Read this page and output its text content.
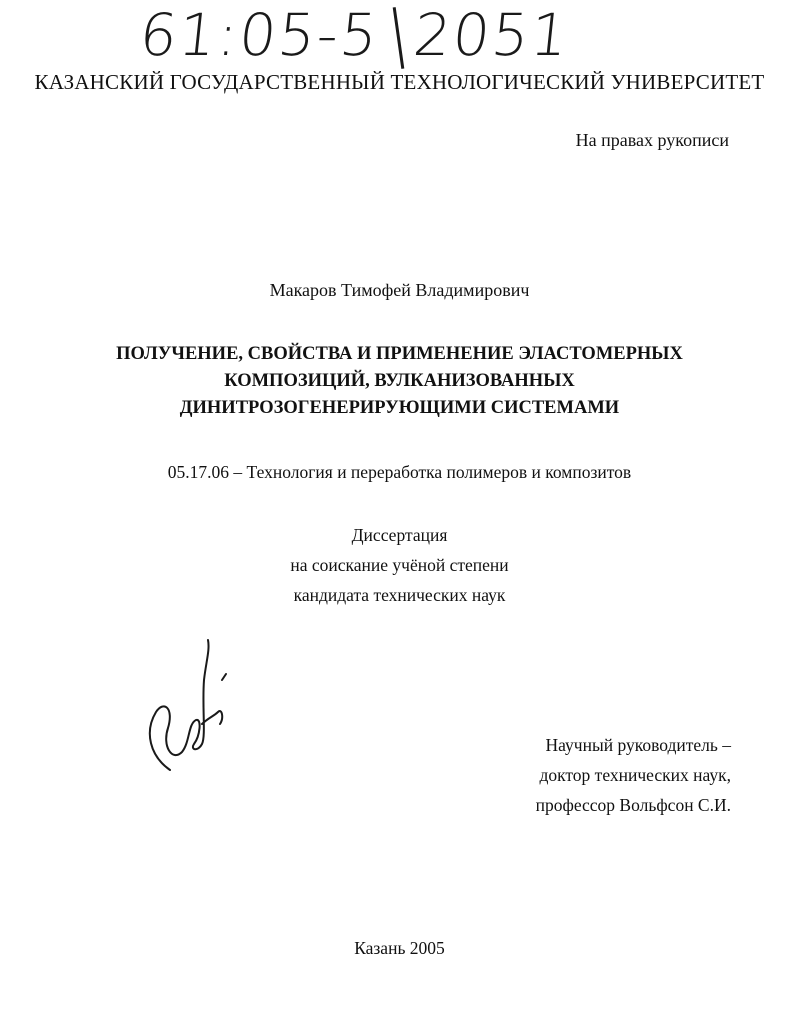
61:05-5 2051
КАЗАНСКИЙ ГОСУДАРСТВЕННЫЙ ТЕХНОЛОГИЧЕСКИЙ УНИВЕРСИТЕТ
На правах рукописи
Макаров Тимофей Владимирович
ПОЛУЧЕНИЕ, СВОЙСТВА И ПРИМЕНЕНИЕ ЭЛАСТОМЕРНЫХ
КОМПОЗИЦИЙ, ВУЛКАНИЗОВАННЫХ
ДИНИТРОЗОГЕНЕРИРУЮЩИМИ СИСТЕМАМИ
05.17.06 – Технология и переработка полимеров и композитов
Диссертация
на соискание учёной степени
кандидата технических наук
Научный руководитель –
доктор технических наук,
профессор Вольфсон С.И.
Казань 2005
